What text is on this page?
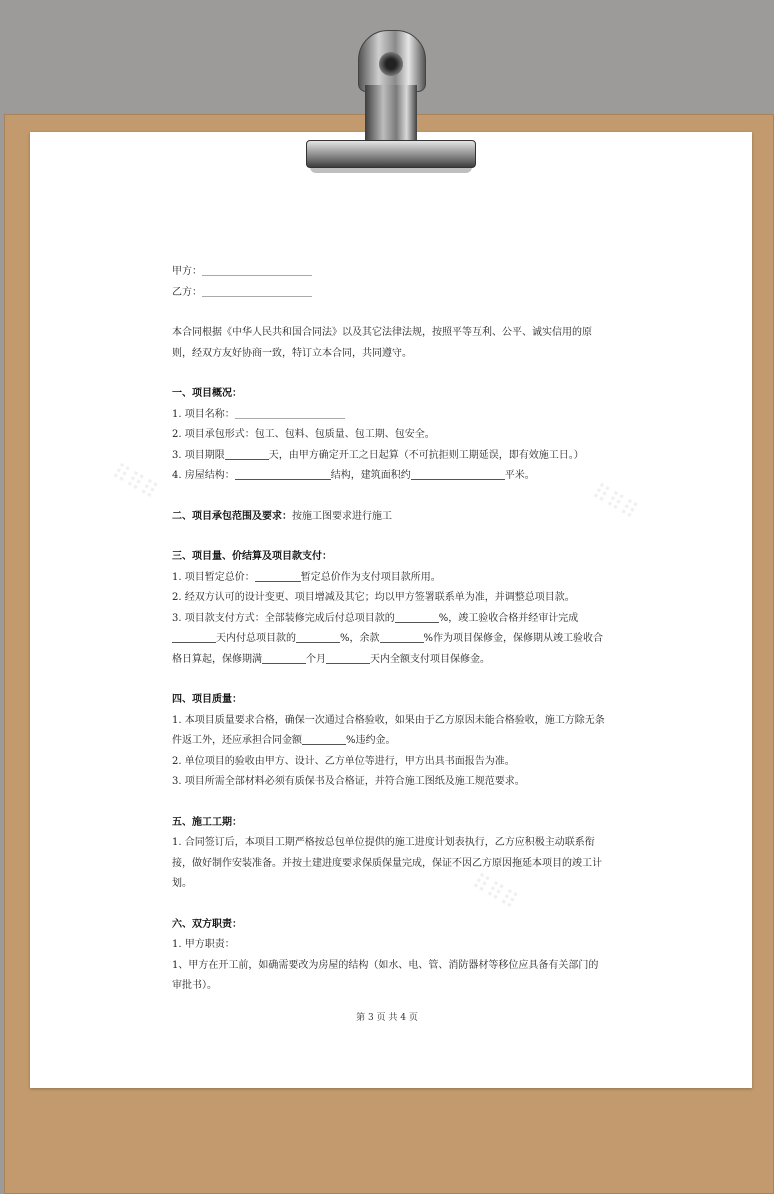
⠿⠿⠿	⠿⠿⠿
⠿⠿⠿

甲方：

乙方：

本合同根据《中华人民共和国合同法》以及其它法律法规，按照平等互利、公平、诚实信用的原则，经双方友好协商一致，特订立本合同，共同遵守。

一、项目概况：

1. 项目名称：

2. 项目承包形式：包工、包料、包质量、包工期、包安全。

3. 项目期限	天，由甲方确定开工之日起算（不可抗拒则工期延误，即有效施工日。）

4. 房屋结构：	结构，建筑面积约	平米。

二、项目承包范围及要求：按施工图要求进行施工

三、项目量、价结算及项目款支付：

1. 项目暂定总价：	暂定总价作为支付项目款所用。

2. 经双方认可的设计变更、项目增减及其它；均以甲方签署联系单为准，并调整总项目款。

3. 项目款支付方式：全部装修完成后付总项目款的	%，竣工验收合格并经审计完成天内付总项目款的	%，余款	%作为项目保修金，保修期从竣工验收合格日算起，保修期满	个月	天内全额支付项目保修金。

四、项目质量：

1. 本项目质量要求合格，确保一次通过合格验收，如果由于乙方原因未能合格验收，施工方除无条件返工外，还应承担合同金额	%违约金。

2. 单位项目的验收由甲方、设计、乙方单位等进行，甲方出具书面报告为准。

3. 项目所需全部材料必须有质保书及合格证，并符合施工图纸及施工规范要求。

五、施工工期：

1. 合同签订后，本项目工期严格按总包单位提供的施工进度计划表执行，乙方应积极主动联系衔接，做好制作安装准备。并按土建进度要求保质保量完成，保证不因乙方原因拖延本项目的竣工计划。

六、双方职责：

1. 甲方职责：

1、甲方在开工前，如确需要改为房屋的结构（如水、电、管、消防器材等移位应具备有关部门的审批书）。

第 3 页 共 4 页
